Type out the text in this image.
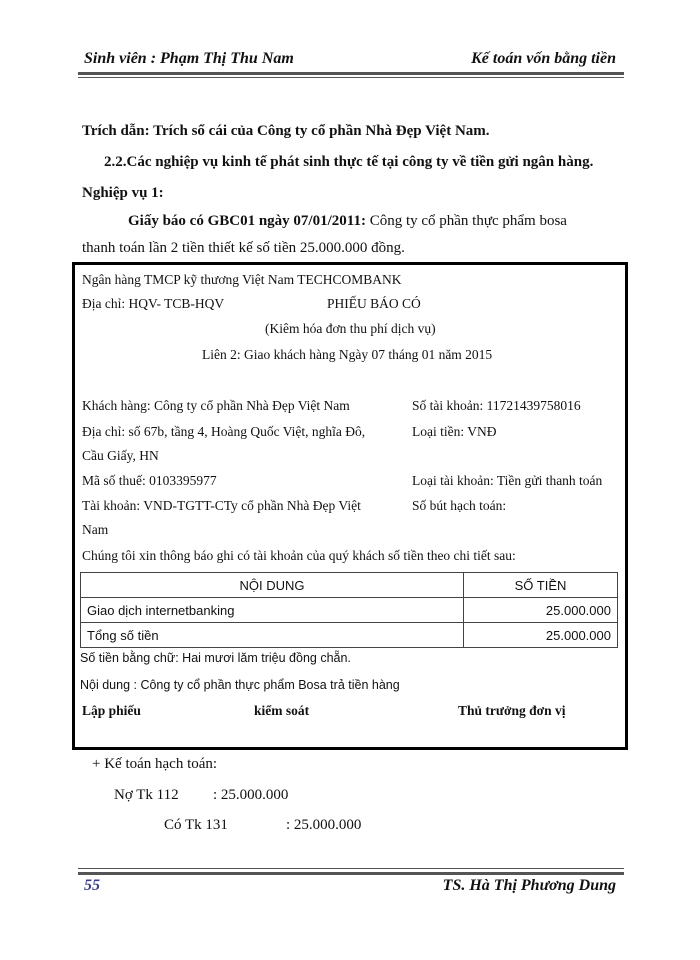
Sinh viên : Phạm Thị Thu Nam	Kế toán vốn bằng tiền
Trích dẫn: Trích sổ cái của Công ty cổ phần Nhà Đẹp Việt Nam.
2.2.Các nghiệp vụ kinh tế phát sinh thực tế tại công ty về tiền gửi ngân hàng.
Nghiệp vụ 1:
Giấy báo có GBC01 ngày 07/01/2011: Công ty cổ phần thực phẩm bosa
thanh toán lần 2 tiền thiết kế số tiền 25.000.000 đồng.
Ngân hàng TMCP kỹ thương Việt Nam TECHCOMBANK
Địa chỉ: HQV- TCB-HQV	PHIẾU BÁO CÓ
(Kiêm hóa đơn thu phí dịch vụ)
Liên 2: Giao khách hàng Ngày 07 tháng 01 năm 2015
Khách hàng: Công ty cổ phần Nhà Đẹp Việt Nam	Số tài khoản: 11721439758016
Địa chỉ: số 67b, tầng 4, Hoàng Quốc Việt, nghĩa Đô,	Loại tiền: VNĐ
Cầu Giấy, HN
Mã số thuế: 0103395977	Loại tài khoản: Tiền gửi thanh toán
Tài khoản: VND-TGTT-CTy cổ phần Nhà Đẹp Việt	Số bút hạch toán:
Nam
Chúng tôi xin thông báo ghi có tài khoản của quý khách số tiền theo chi tiết sau:
NỘI DUNG	SỐ TIỀN
Giao dịch internetbanking	25.000.000
Tổng số tiền	25.000.000
Số tiền bằng chữ: Hai mươi lăm triệu đồng chẵn.
Nội dung : Công ty cổ phần thực phẩm Bosa trả tiền hàng
Lập phiếu	kiểm soát	Thủ trưởng đơn vị
+ Kế toán hạch toán:
Nợ Tk 112 : 25.000.000
Có Tk 131	: 25.000.000
55	TS. Hà Thị Phương Dung
